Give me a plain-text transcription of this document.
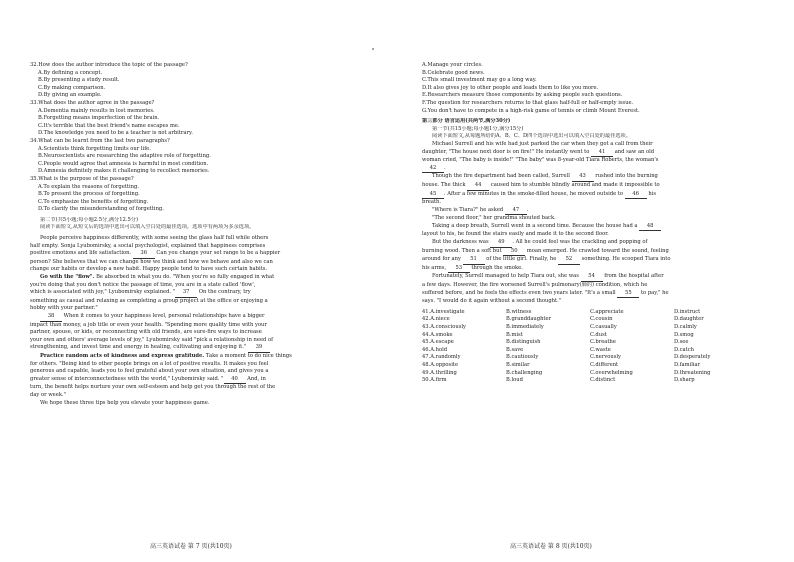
32.How does the author introduce the topic of the passage?
A.By defining a concept.
B.By presenting a study result.
C.By making comparison.
D.By giving an example.
33.What does the author agree in the passage?
A.Dementia mainly results in lost memories.
B.Forgetting means imperfection of the brain.
C.It's terrible that the best friend's name escapes me.
D.The knowledge you need to be a teacher is not arbitrary.
34.What can be learnt from the last two paragraphs?
A.Scientists think forgetting limits our life.
B.Neuroscientists are researching the adaptive role of forgetting.
C.People would agree that amnesia is harmful in most condition.
D.Amnesia definitely makes it challenging to recollect memories.
35.What is the purpose of the passage?
A.To explain the reasons of forgetting.
B.To present the process of forgetting.
C.To emphasize the benefits of forgetting.
D.To clarify the misunderstanding of forgetting.
第二节(共5小题;每小题2.5分,满分12.5分)
阅读下面短文,从短文后的选项中选出可以填入空白处的最佳选项。选项中有两项为多余选项。
People perceive happiness differently, with some seeing the glass half full while others
half empty. Sonja Lyubomirsky, a social psychologist, explained that happiness comprises
positive emotions and life satisfaction. 36 Can you change your set range to be a happier
person? She believes that we can change how we think and how we behave and also we can
change our habits or develop a new habit. Happy people tend to have such certain habits.
Go with the "flow". Be absorbed in what you do. "When you're so fully engaged in what
you're doing that you don't notice the passage of time, you are in a state called 'flow',
which is associated with joy," Lyubomirsky explained. " 37 On the contrary, try
something as casual and relaxing as completing a group project at the office or enjoying a
hobby with your partner."
38 When it comes to your happiness level, personal relationships have a bigger
impact than money, a job title or even your health. "Spending more quality time with your
partner, spouse, or kids, or reconnecting with old friends, are sure-fire ways to increase
your own and others' average levels of joy," Lyubomirsky said "pick a relationship in need of
strengthening, and invest time and energy in healing, cultivating and enjoying it." 39
Practice random acts of kindness and express gratitude. Take a moment to do nice things
for others. "Being kind to other people brings on a lot of positive results. It makes you feel
generous and capable, leads you to feel grateful about your own situation, and gives you a
greater sense of interconnectedness with the world," Lyubomirsky said. " 40 And, in
turn, the benefit helps nurture your own self-esteem and help get you through the rest of the
day or week."
We hope these three tips help you elevate your happiness game.
高三英语试卷 第 7 页(共10页)
A.Manage your circles.
B.Celebrate good news.
C.This small investment may go a long way.
D.It also gives joy to other people and leads them to like you more.
E.Researchers measure those components by asking people such questions.
F.The question for researchers returns to that glass half-full or half-empty issue.
G.You don't have to compete in a high-risk game of tennis or climb Mount Everest.
第三部分 语言运用(共两节,满分30分)
第一节(共15小题;每小题1分,满分15分)
阅读下面短文,从每题所给的A、B、C、D四个选项中选出可以填入空白处的最佳选项。
Michael Surrell and his wife had just parked the car when they got a call from their
daughter, "The house next door is on fire!" He instantly went to 41 and saw an old
woman cried, "The baby is inside!" "The baby" was 8-year-old Tiara Roberts, the woman's
42 .
Though the fire department had been called, Surrell 43 rushed into the burning
house. The thick 44 caused him to stumble blindly around and made it impossible to
45 . After a few minutes in the smoke-filled house, he moved outside to 46 his
breath.
"Where is Tiara?" he asked 47 .
"The second floor," her grandma shouted back.
Taking a deep breath, Surrell went in a second time. Because the house had a 48
layout to his, he found the stairs easily and made it to the second floor.
But the darkness was 49 . All he could feel was the crackling and popping of
burning wood. Then a soft but 50 moan emerged. He crawled toward the sound, feeling
around for any 51 of the little girl. Finally, he 52 something. He scooped Tiara into
his arms, 53 through the smoke.
Fortunately, Surrell managed to help Tiara out, she was 54 from the hospital after
a few days. However, the fire worsened Surrell's pulmonary(肺的) condition, which he
suffered before, and he feels the effects even two years later. "It's a small 55 to pay," he
says. "I would do it again without a second thought."
41.A.investigate	B.witness	C.appreciate	D.instruct
42.A.niece	B.granddaughter	C.cousin	D.daughter
43.A.consciously	B.immediately	C.casually	D.calmly
44.A.smoke	B.mist	C.dust	D.smog
45.A.escape	B.distinguish	C.breathe	D.see
46.A.hold	B.save	C.waste	D.catch
47.A.randomly	B.cautiously	C.nervously	D.desperately
48.A.opposite	B.similar	C.different	D.familiar
49.A.thrilling	B.challenging	C.overwhelming	D.threatening
50.A.firm	B.loud	C.distinct	D.sharp
高三英语试卷 第 8 页(共10页)
